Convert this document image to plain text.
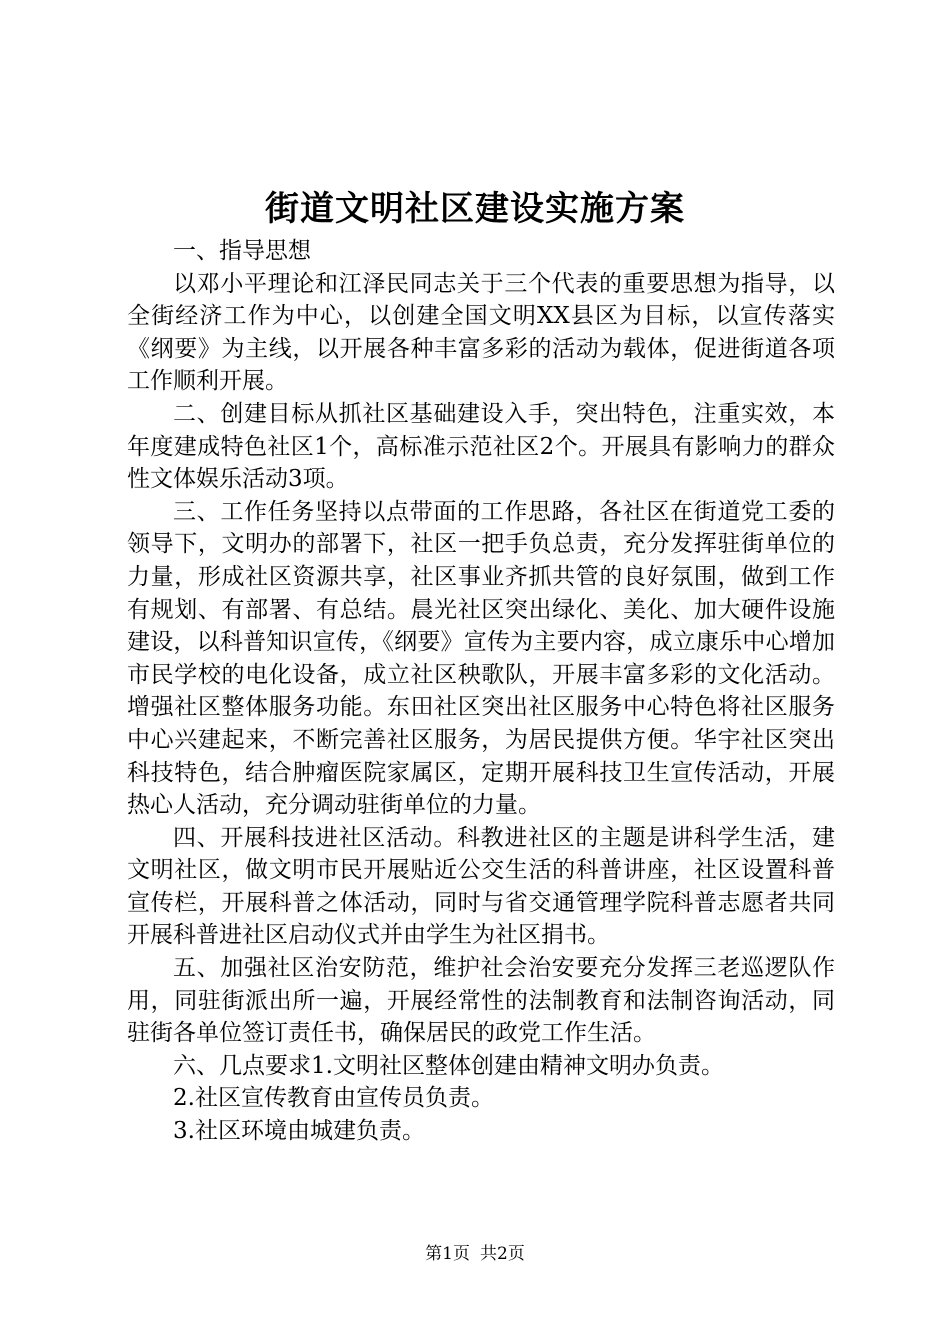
街道文明社区建设实施方案

一、指导思想

以邓小平理论和江泽民同志关于三个代表的重要思想为指导，以全街经济工作为中心，以创建全国文明XX县区为目标，以宣传落实《纲要》为主线，以开展各种丰富多彩的活动为载体，促进街道各项工作顺利开展。

二、创建目标从抓社区基础建设入手，突出特色，注重实效，本年度建成特色社区1个，高标准示范社区2个。开展具有影响力的群众性文体娱乐活动3项。

三、工作任务坚持以点带面的工作思路，各社区在街道党工委的领导下，文明办的部署下，社区一把手负总责，充分发挥驻街单位的力量，形成社区资源共享，社区事业齐抓共管的良好氛围，做到工作有规划、有部署、有总结。晨光社区突出绿化、美化、加大硬件设施建设，以科普知识宣传，《纲要》宣传为主要内容，成立康乐中心增加市民学校的电化设备，成立社区秧歌队，开展丰富多彩的文化活动。增强社区整体服务功能。东田社区突出社区服务中心特色将社区服务中心兴建起来，不断完善社区服务，为居民提供方便。华宇社区突出科技特色，结合肿瘤医院家属区，定期开展科技卫生宣传活动，开展热心人活动，充分调动驻街单位的力量。

四、开展科技进社区活动。科教进社区的主题是讲科学生活，建文明社区，做文明市民开展贴近公交生活的科普讲座，社区设置科普宣传栏，开展科普之体活动，同时与省交通管理学院科普志愿者共同开展科普进社区启动仪式并由学生为社区捐书。

五、加强社区治安防范，维护社会治安要充分发挥三老巡逻队作用，同驻街派出所一遍，开展经常性的法制教育和法制咨询活动，同驻街各单位签订责任书，确保居民的政党工作生活。

六、几点要求1.文明社区整体创建由精神文明办负责。

2.社区宣传教育由宣传员负责。

3.社区环境由城建负责。

第1页 共2页
